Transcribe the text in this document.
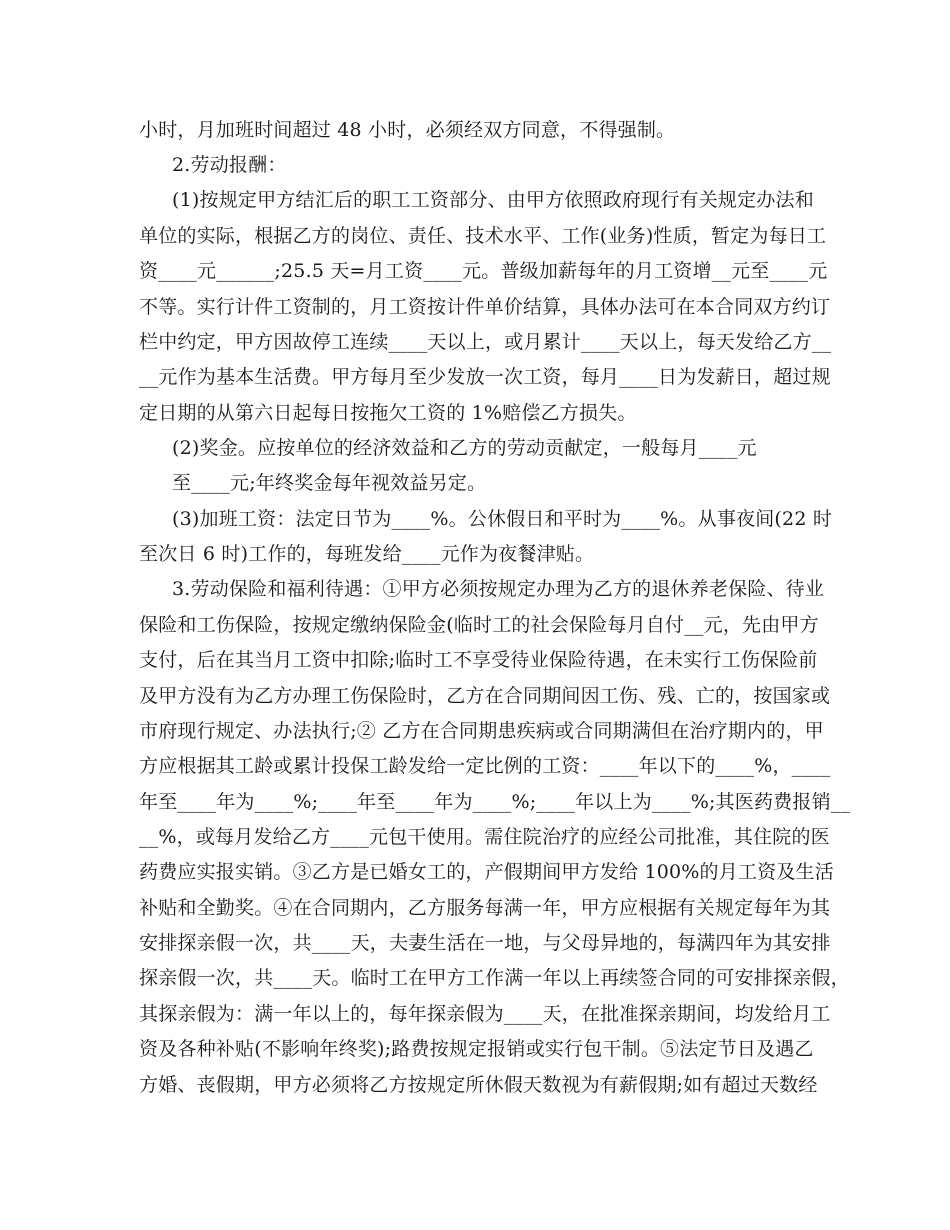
小时，月加班时间超过 48 小时，必须经双方同意，不得强制。
2.劳动报酬：
(1)按规定甲方结汇后的职工工资部分、由甲方依照政府现行有关规定办法和
单位的实际，根据乙方的岗位、责任、技术水平、工作(业务)性质，暂定为每日工
资____元______;25.5 天=月工资____元。普级加薪每年的月工资增__元至____元
不等。实行计件工资制的，月工资按计件单价结算，具体办法可在本合同双方约订
栏中约定，甲方因故停工连续____天以上，或月累计____天以上，每天发给乙方__
__元作为基本生活费。甲方每月至少发放一次工资，每月____日为发薪日，超过规
定日期的从第六日起每日按拖欠工资的 1%赔偿乙方损失。
(2)奖金。应按单位的经济效益和乙方的劳动贡献定，一般每月____元
至____元;年终奖金每年视效益另定。
(3)加班工资：法定日节为____%。公休假日和平时为____%。从事夜间(22 时
至次日 6 时)工作的，每班发给____元作为夜餐津贴。
3.劳动保险和福利待遇：①甲方必须按规定办理为乙方的退休养老保险、待业
保险和工伤保险，按规定缴纳保险金(临时工的社会保险每月自付__元，先由甲方
支付，后在其当月工资中扣除;临时工不享受待业保险待遇，在未实行工伤保险前
及甲方没有为乙方办理工伤保险时，乙方在合同期间因工伤、残、亡的，按国家或
市府现行规定、办法执行;② 乙方在合同期患疾病或合同期满但在治疗期内的，甲
方应根据其工龄或累计投保工龄发给一定比例的工资：____年以下的____%，____
年至____年为____%;____年至____年为____%;____年以上为____%;其医药费报销__
__%，或每月发给乙方____元包干使用。需住院治疗的应经公司批准，其住院的医
药费应实报实销。③乙方是已婚女工的，产假期间甲方发给 100%的月工资及生活
补贴和全勤奖。④在合同期内，乙方服务每满一年，甲方应根据有关规定每年为其
安排探亲假一次，共____天，夫妻生活在一地，与父母异地的，每满四年为其安排
探亲假一次，共____天。临时工在甲方工作满一年以上再续签合同的可安排探亲假，
其探亲假为：满一年以上的，每年探亲假为____天，在批准探亲期间，均发给月工
资及各种补贴(不影响年终奖);路费按规定报销或实行包干制。⑤法定节日及遇乙
方婚、丧假期，甲方必须将乙方按规定所休假天数视为有薪假期;如有超过天数经
